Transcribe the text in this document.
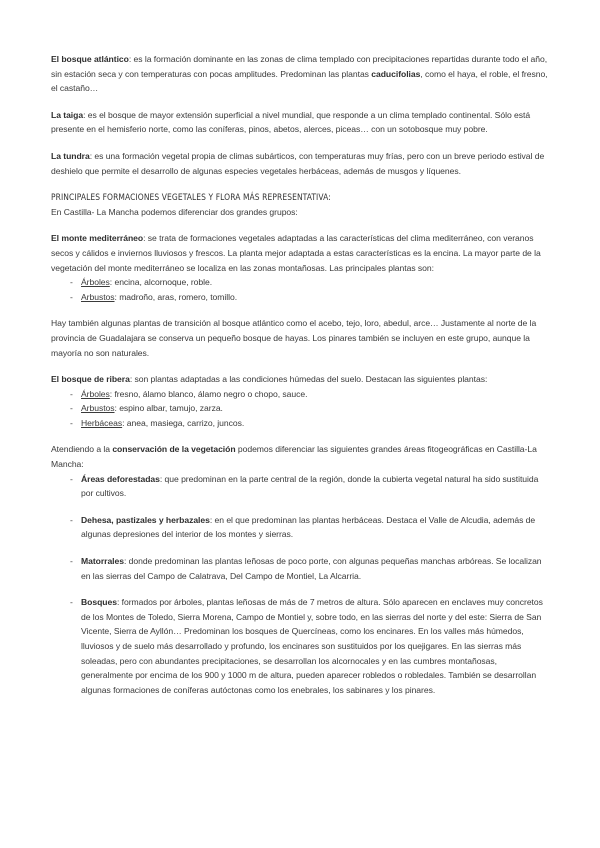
El bosque atlántico: es la formación dominante en las zonas de clima templado con precipitaciones repartidas durante todo el año, sin estación seca y con temperaturas con pocas amplitudes. Predominan las plantas caducifolias, como el haya, el roble, el fresno, el castaño…

La taiga: es el bosque de mayor extensión superficial a nivel mundial, que responde a un clima templado continental. Sólo está presente en el hemisferio norte, como las coníferas, pinos, abetos, alerces, piceas… con un sotobosque muy pobre.

La tundra: es una formación vegetal propia de climas subárticos, con temperaturas muy frías, pero con un breve periodo estival de deshielo que permite el desarrollo de algunas especies vegetales herbáceas, además de musgos y líquenes.

PRINCIPALES FORMACIONES VEGETALES Y FLORA MÁS REPRESENTATIVA:

En Castilla- La Mancha podemos diferenciar dos grandes grupos:

El monte mediterráneo: se trata de formaciones vegetales adaptadas a las características del clima mediterráneo, con veranos secos y cálidos e inviernos lluviosos y frescos. La planta mejor adaptada a estas características es la encina. La mayor parte de la vegetación del monte mediterráneo se localiza en las zonas montañosas. Las principales plantas son:

- Árboles: encina, alcornoque, roble.
- Arbustos: madroño, aras, romero, tomillo.

Hay también algunas plantas de transición al bosque atlántico como el acebo, tejo, loro, abedul, arce… Justamente al norte de la provincia de Guadalajara se conserva un pequeño bosque de hayas. Los pinares también se incluyen en este grupo, aunque la mayoría no son naturales.

El bosque de ribera: son plantas adaptadas a las condiciones húmedas del suelo. Destacan las siguientes plantas:

- Árboles: fresno, álamo blanco, álamo negro o chopo, sauce.
- Arbustos: espino albar, tamujo, zarza.
- Herbáceas: anea, masiega, carrizo, juncos.

Atendiendo a la conservación de la vegetación podemos diferenciar las siguientes grandes áreas fitogeográficas en Castilla-La Mancha:

- Áreas deforestadas: que predominan en la parte central de la región, donde la cubierta vegetal natural ha sido sustituida por cultivos.
- Dehesa, pastizales y herbazales: en el que predominan las plantas herbáceas. Destaca el Valle de Alcudia, además de algunas depresiones del interior de los montes y sierras.
- Matorrales: donde predominan las plantas leñosas de poco porte, con algunas pequeñas manchas arbóreas. Se localizan en las sierras del Campo de Calatrava, Del Campo de Montiel, La Alcarria.
- Bosques: formados por árboles, plantas leñosas de más de 7 metros de altura. Sólo aparecen en enclaves muy concretos de los Montes de Toledo, Sierra Morena, Campo de Montiel y, sobre todo, en las sierras del norte y del este: Sierra de San Vicente, Sierra de Ayllón… Predominan los bosques de Quercíneas, como los encinares. En los valles más húmedos, lluviosos y de suelo más desarrollado y profundo, los encinares son sustituidos por los quejigares. En las sierras más soleadas, pero con abundantes precipitaciones, se desarrollan los alcornocales y en las cumbres montañosas, generalmente por encima de los 900 y 1000 m de altura, pueden aparecer robledos o robledales. También se desarrollan algunas formaciones de coníferas autóctonas como los enebrales, los sabinares y los pinares.
